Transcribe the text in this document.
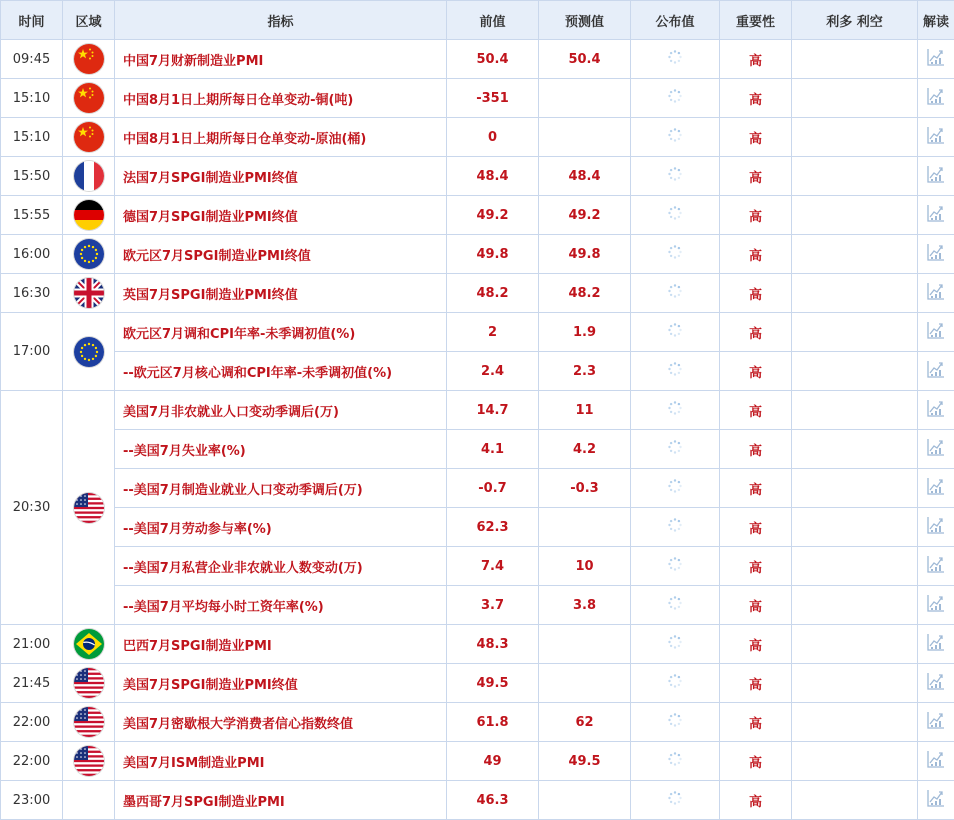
时间	区域	指标	前值	预测值	公布值	重要性	利多 利空	解读
09:45		中国7月财新制造业PMI	50.4	50.4		高		
15:10		中国8月1日上期所每日仓单变动-铜(吨)	-351			高		
15:10		中国8月1日上期所每日仓单变动-原油(桶)	0			高		
15:50		法国7月SPGI制造业PMI终值	48.4	48.4		高		
15:55		德国7月SPGI制造业PMI终值	49.2	49.2		高		
16:00		欧元区7月SPGI制造业PMI终值	49.8	49.8		高		
16:30		英国7月SPGI制造业PMI终值	48.2	48.2		高		
17:00		欧元区7月调和CPI年率-未季调初值(%)	2	1.9		高		
		--欧元区7月核心调和CPI年率-未季调初值(%)	2.4	2.3		高		
20:30		美国7月非农就业人口变动季调后(万)	14.7	11		高		
		--美国7月失业率(%)	4.1	4.2		高		
		--美国7月制造业就业人口变动季调后(万)	-0.7	-0.3		高		
		--美国7月劳动参与率(%)	62.3			高		
		--美国7月私营企业非农就业人数变动(万)	7.4	10		高		
		--美国7月平均每小时工资年率(%)	3.7	3.8		高		
21:00		巴西7月SPGI制造业PMI	48.3			高		
21:45		美国7月SPGI制造业PMI终值	49.5			高		
22:00		美国7月密歇根大学消费者信心指数终值	61.8	62		高		
22:00		美国7月ISM制造业PMI	49	49.5		高		
23:00		墨西哥7月SPGI制造业PMI	46.3			高		
